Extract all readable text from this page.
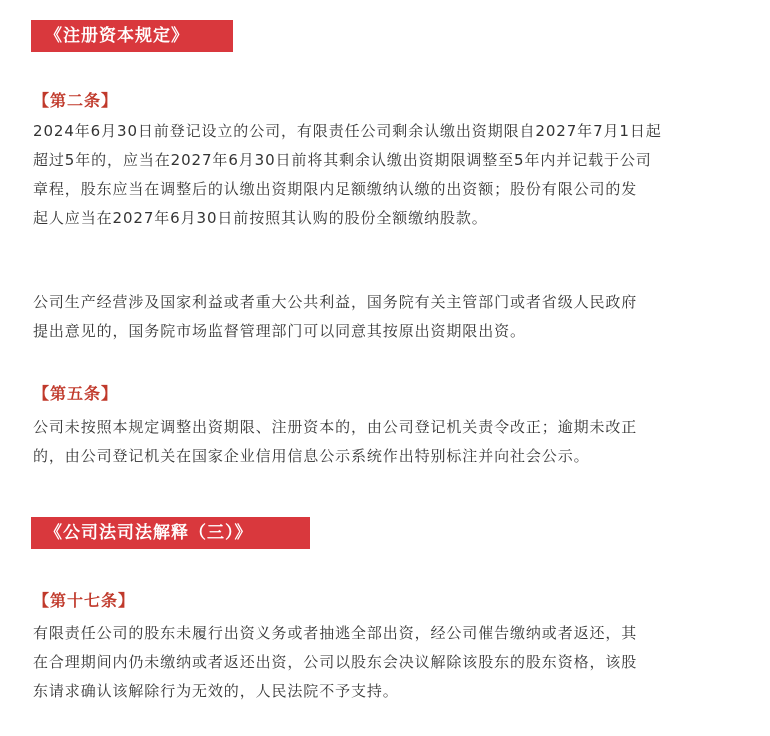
《注册资本规定》
【第二条】
2024年6月30日前登记设立的公司，有限责任公司剩余认缴出资期限自2027年7月1日起
超过5年的，应当在2027年6月30日前将其剩余认缴出资期限调整至5年内并记载于公司
章程，股东应当在调整后的认缴出资期限内足额缴纳认缴的出资额；股份有限公司的发
起人应当在2027年6月30日前按照其认购的股份全额缴纳股款。
公司生产经营涉及国家利益或者重大公共利益，国务院有关主管部门或者省级人民政府
提出意见的，国务院市场监督管理部门可以同意其按原出资期限出资。
【第五条】
公司未按照本规定调整出资期限、注册资本的，由公司登记机关责令改正；逾期未改正
的，由公司登记机关在国家企业信用信息公示系统作出特别标注并向社会公示。
《公司法司法解释（三）》
【第十七条】
有限责任公司的股东未履行出资义务或者抽逃全部出资，经公司催告缴纳或者返还，其
在合理期间内仍未缴纳或者返还出资，公司以股东会决议解除该股东的股东资格，该股
东请求确认该解除行为无效的，人民法院不予支持。
